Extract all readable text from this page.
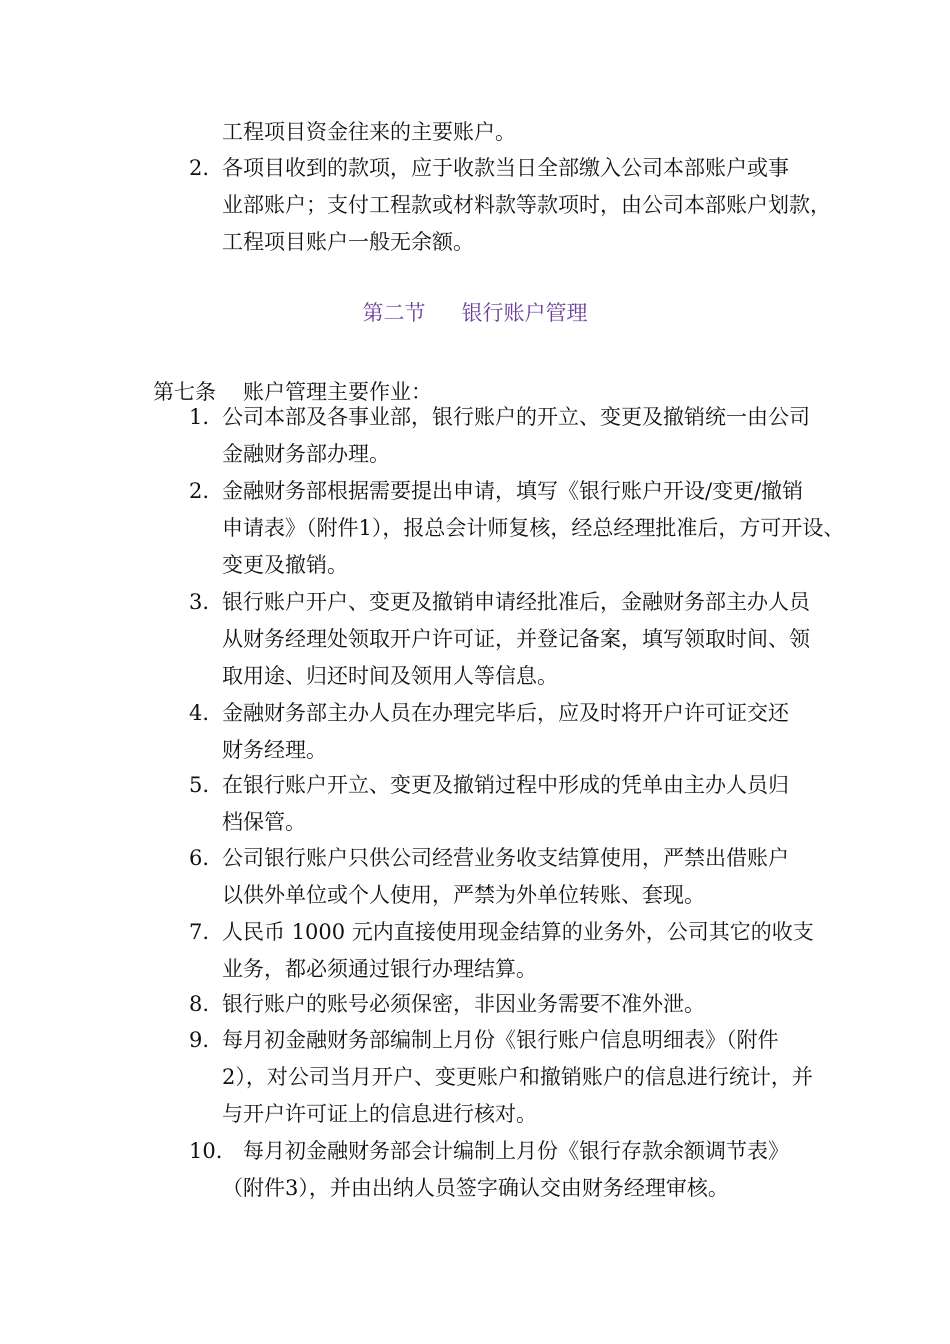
工程项目资金往来的主要账户。
2. 各项目收到的款项，应于收款当日全部缴入公司本部账户或事
业部账户；支付工程款或材料款等款项时，由公司本部账户划款，
工程项目账户一般无余额。
第二节 银行账户管理
第七条 账户管理主要作业：
1. 公司本部及各事业部，银行账户的开立、变更及撤销统一由公司
金融财务部办理。
2. 金融财务部根据需要提出申请，填写《银行账户开设/变更/撤销
申请表》（附件1），报总会计师复核，经总经理批准后，方可开设、
变更及撤销。
3. 银行账户开户、变更及撤销申请经批准后，金融财务部主办人员
从财务经理处领取开户许可证，并登记备案，填写领取时间、领
取用途、归还时间及领用人等信息。
4. 金融财务部主办人员在办理完毕后，应及时将开户许可证交还
财务经理。
5. 在银行账户开立、变更及撤销过程中形成的凭单由主办人员归
档保管。
6. 公司银行账户只供公司经营业务收支结算使用，严禁出借账户
以供外单位或个人使用，严禁为外单位转账、套现。
7. 人民币 1000 元内直接使用现金结算的业务外，公司其它的收支
业务，都必须通过银行办理结算。
8. 银行账户的账号必须保密，非因业务需要不准外泄。
9. 每月初金融财务部编制上月份《银行账户信息明细表》（附件
2），对公司当月开户、变更账户和撤销账户的信息进行统计，并
与开户许可证上的信息进行核对。
10. 每月初金融财务部会计编制上月份《银行存款余额调节表》
（附件3），并由出纳人员签字确认交由财务经理审核。
